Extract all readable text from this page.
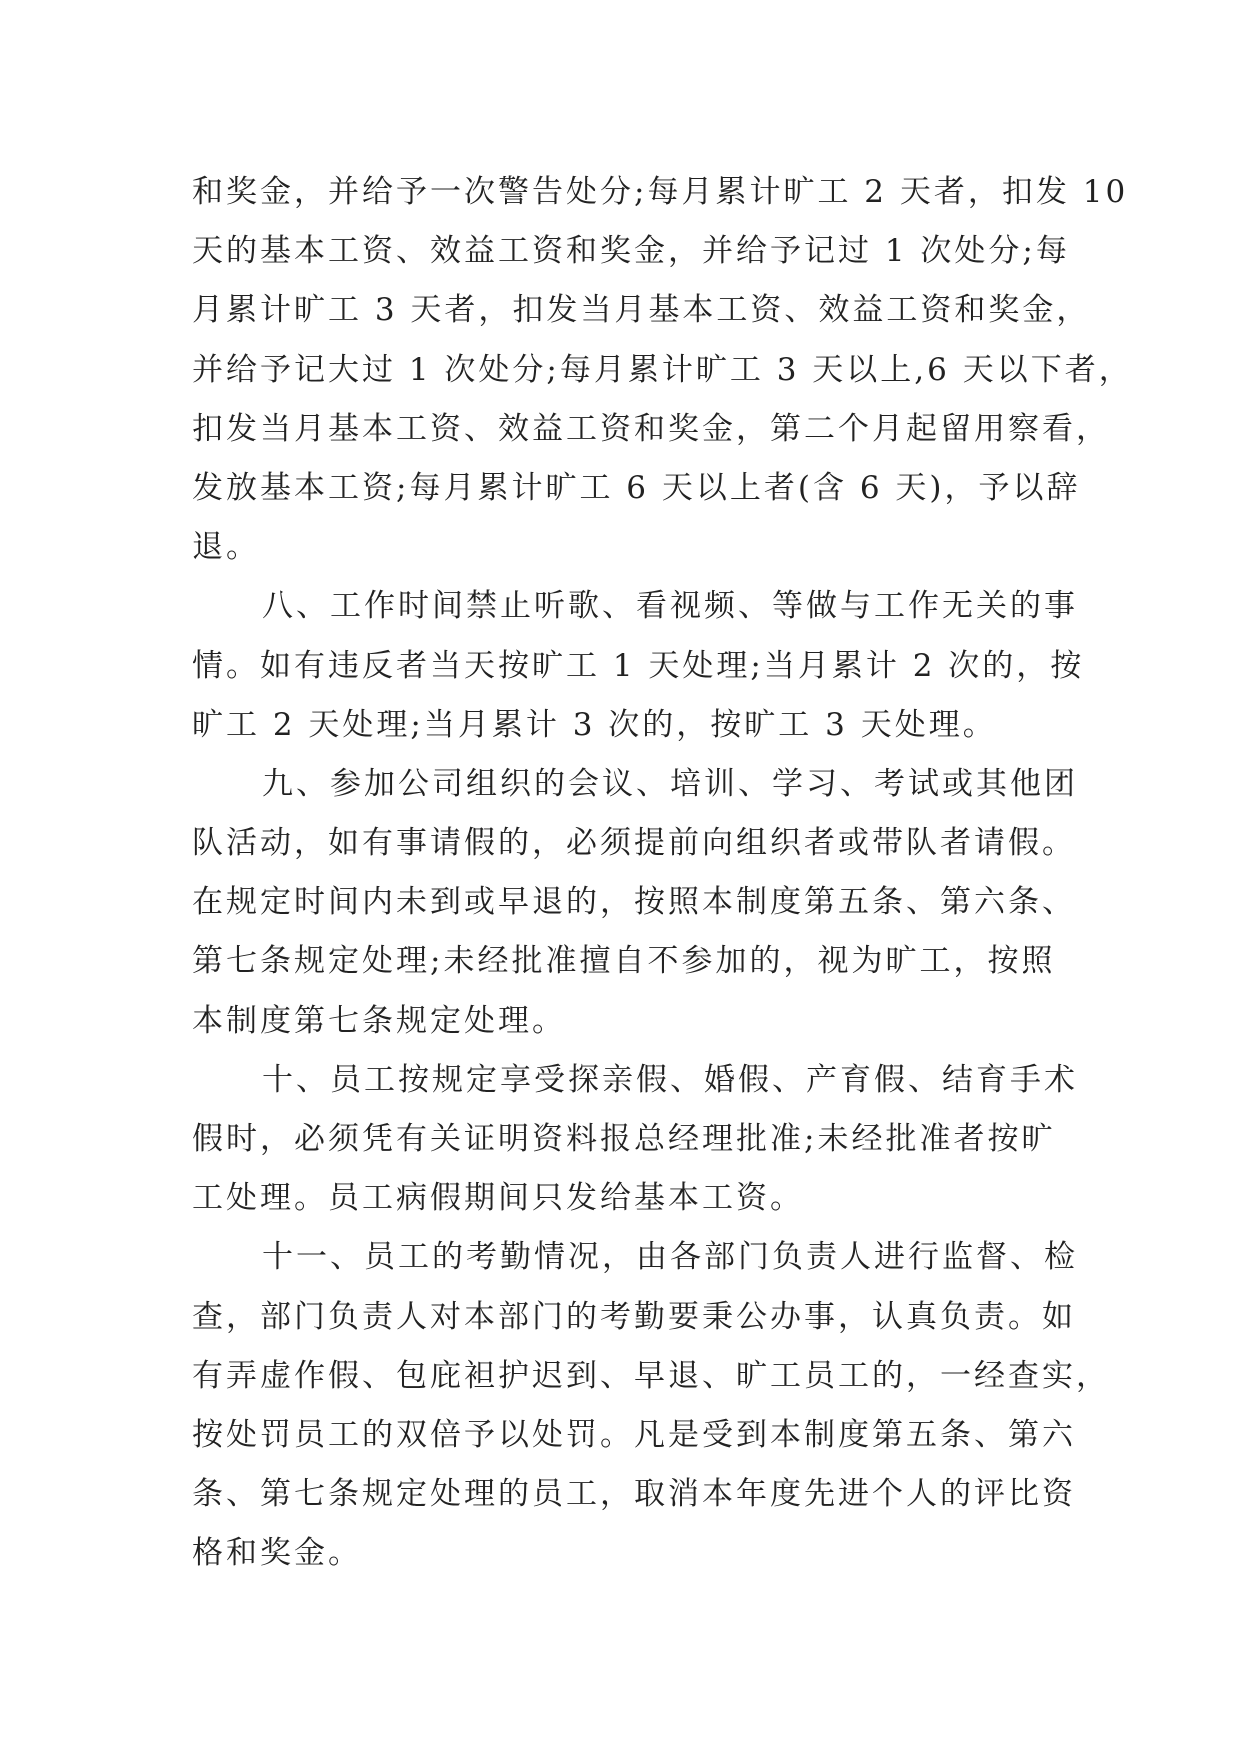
和奖金，并给予一次警告处分;每月累计旷工 2 天者，扣发 10

天的基本工资、效益工资和奖金，并给予记过 1 次处分;每

月累计旷工 3 天者，扣发当月基本工资、效益工资和奖金，

并给予记大过 1 次处分;每月累计旷工 3 天以上,6 天以下者，

扣发当月基本工资、效益工资和奖金，第二个月起留用察看，

发放基本工资;每月累计旷工 6 天以上者(含 6 天)，予以辞

退。

八、工作时间禁止听歌、看视频、等做与工作无关的事

情。如有违反者当天按旷工 1 天处理;当月累计 2 次的，按

旷工 2 天处理;当月累计 3 次的，按旷工 3 天处理。

九、参加公司组织的会议、培训、学习、考试或其他团

队活动，如有事请假的，必须提前向组织者或带队者请假。

在规定时间内未到或早退的，按照本制度第五条、第六条、

第七条规定处理;未经批准擅自不参加的，视为旷工，按照

本制度第七条规定处理。

十、员工按规定享受探亲假、婚假、产育假、结育手术

假时，必须凭有关证明资料报总经理批准;未经批准者按旷

工处理。员工病假期间只发给基本工资。

十一、员工的考勤情况，由各部门负责人进行监督、检

查，部门负责人对本部门的考勤要秉公办事，认真负责。如

有弄虚作假、包庇袒护迟到、早退、旷工员工的，一经查实，

按处罚员工的双倍予以处罚。凡是受到本制度第五条、第六

条、第七条规定处理的员工，取消本年度先进个人的评比资

格和奖金。
